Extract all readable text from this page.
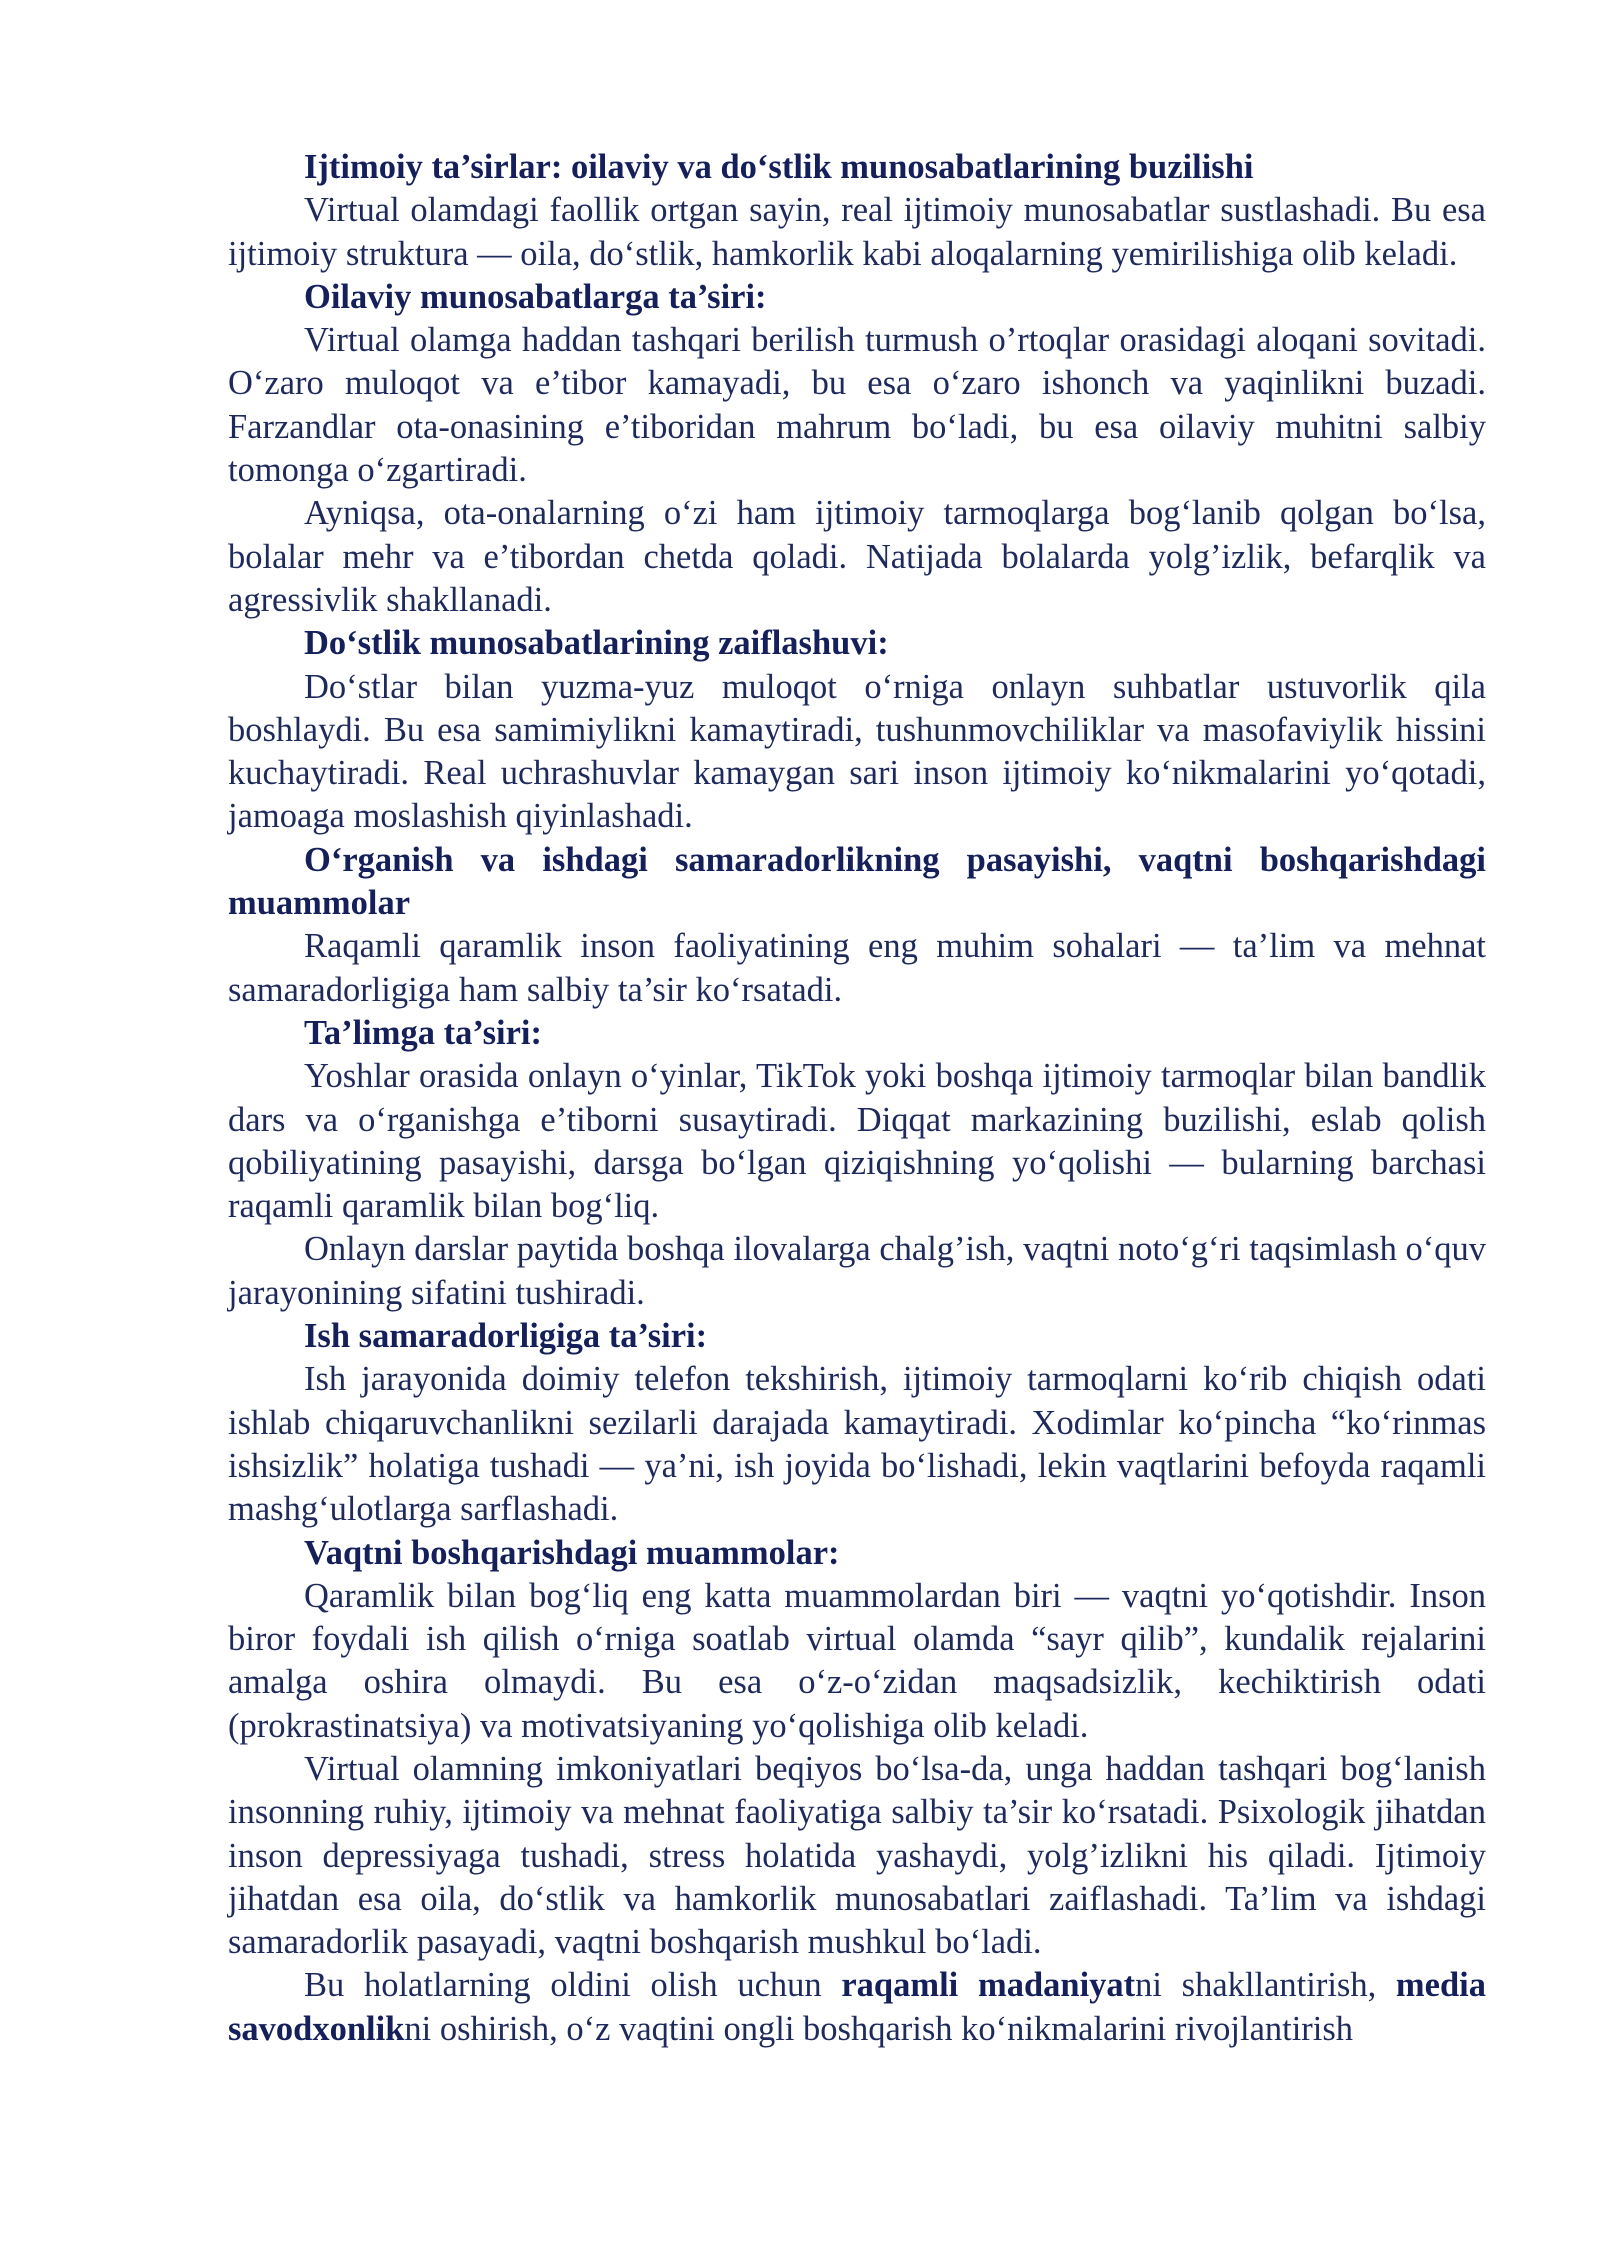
Ijtimoiy ta’sirlar: oilaviy va do‘stlik munosabatlarining buzilishi

Virtual olamdagi faollik ortgan sayin, real ijtimoiy munosabatlar sustlashadi. Bu esa ijtimoiy struktura — oila, do‘stlik, hamkorlik kabi aloqalarning yemirilishiga olib keladi.

Oilaviy munosabatlarga ta’siri:

Virtual olamga haddan tashqari berilish turmush o’rtoqlar orasidagi aloqani sovitadi. O‘zaro muloqot va e’tibor kamayadi, bu esa o‘zaro ishonch va yaqinlikni buzadi. Farzandlar ota-onasining e’tiboridan mahrum bo‘ladi, bu esa oilaviy muhitni salbiy tomonga o‘zgartiradi.

Ayniqsa, ota-onalarning o‘zi ham ijtimoiy tarmoqlarga bog‘lanib qolgan bo‘lsa, bolalar mehr va e’tibordan chetda qoladi. Natijada bolalarda yolg’izlik, befarqlik va agressivlik shakllanadi.

Do‘stlik munosabatlarining zaiflashuvi:

Do‘stlar bilan yuzma-yuz muloqot o‘rniga onlayn suhbatlar ustuvorlik qila boshlaydi. Bu esa samimiylikni kamaytiradi, tushunmovchiliklar va masofaviylik hissini kuchaytiradi. Real uchrashuvlar kamaygan sari inson ijtimoiy ko‘nikmalarini yo‘qotadi, jamoaga moslashish qiyinlashadi.

O‘rganish va ishdagi samaradorlikning pasayishi, vaqtni boshqarishdagi muammolar

Raqamli qaramlik inson faoliyatining eng muhim sohalari — ta’lim va mehnat samaradorligiga ham salbiy ta’sir ko‘rsatadi.

Ta’limga ta’siri:

Yoshlar orasida onlayn o‘yinlar, TikTok yoki boshqa ijtimoiy tarmoqlar bilan bandlik dars va o‘rganishga e’tiborni susaytiradi. Diqqat markazining buzilishi, eslab qolish qobiliyatining pasayishi, darsga bo‘lgan qiziqishning yo‘qolishi — bularning barchasi raqamli qaramlik bilan bog‘liq.

Onlayn darslar paytida boshqa ilovalarga chalg’ish, vaqtni noto‘g‘ri taqsimlash o‘quv jarayonining sifatini tushiradi.

Ish samaradorligiga ta’siri:

Ish jarayonida doimiy telefon tekshirish, ijtimoiy tarmoqlarni ko‘rib chiqish odati ishlab chiqaruvchanlikni sezilarli darajada kamaytiradi. Xodimlar ko‘pincha “ko‘rinmas ishsizlik” holatiga tushadi — ya’ni, ish joyida bo‘lishadi, lekin vaqtlarini befoyda raqamli mashg‘ulotlarga sarflashadi.

Vaqtni boshqarishdagi muammolar:

Qaramlik bilan bog‘liq eng katta muammolardan biri — vaqtni yo‘qotishdir. Inson biror foydali ish qilish o‘rniga soatlab virtual olamda “sayr qilib”, kundalik rejalarini amalga oshira olmaydi. Bu esa o‘z-o‘zidan maqsadsizlik, kechiktirish odati (prokrastinatsiya) va motivatsiyaning yo‘qolishiga olib keladi.

Virtual olamning imkoniyatlari beqiyos bo‘lsa-da, unga haddan tashqari bog‘lanish insonning ruhiy, ijtimoiy va mehnat faoliyatiga salbiy ta’sir ko‘rsatadi. Psixologik jihatdan inson depressiyaga tushadi, stress holatida yashaydi, yolg’izlikni his qiladi. Ijtimoiy jihatdan esa oila, do‘stlik va hamkorlik munosabatlari zaiflashadi. Ta’lim va ishdagi samaradorlik pasayadi, vaqtni boshqarish mushkul bo‘ladi.

Bu holatlarning oldini olish uchun raqamli madaniyatni shakllantirish, media savodxonlikni oshirish, o‘z vaqtini ongli boshqarish ko‘nikmalarini rivojlantirish
